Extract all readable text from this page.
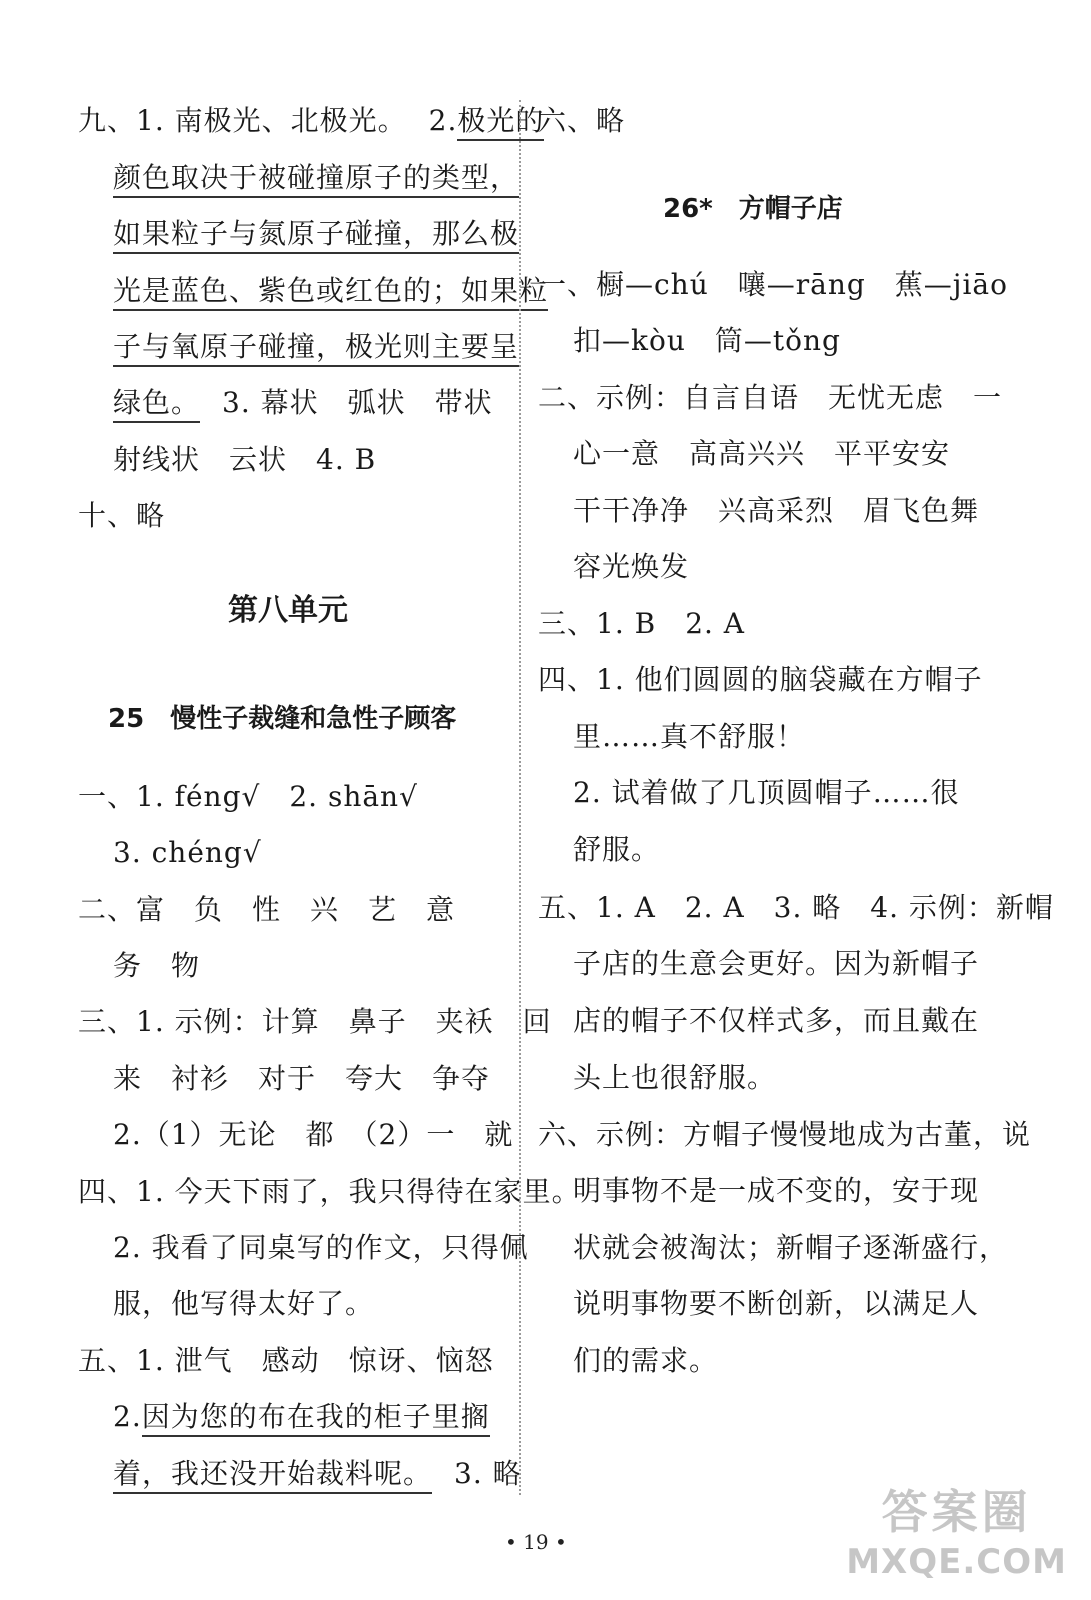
九、1. 南极光、北极光。 2.极光的
颜色取决于被碰撞原子的类型，
如果粒子与氮原子碰撞，那么极
光是蓝色、紫色或红色的；如果粒
子与氧原子碰撞，极光则主要呈
绿色。 3. 幕状　弧状　带状
射线状　云状　4. B
十、略
第八单元
25 慢性子裁缝和急性子顾客
一、1. féng√　2. shān√
3. chéng√
二、富　负　性　兴　艺　意
务　物
三、1. 示例：计算　鼻子　夹袄　回
来　衬衫　对于　夸大　争夺
2.（1）无论　都　（2）一　就
四、1. 今天下雨了，我只得待在家里。
2. 我看了同桌写的作文，只得佩
服，他写得太好了。
五、1. 泄气　感动　惊讶、恼怒
2.因为您的布在我的柜子里搁
着，我还没开始裁料呢。 3. 略
六、略
26* 方帽子店
一、橱—chú　嚷—rāng　蕉—jiāo
扣—kòu　筒—tǒng
二、示例：自言自语　无忧无虑　一
心一意　高高兴兴　平平安安
干干净净　兴高采烈　眉飞色舞
容光焕发
三、1. B　2. A
四、1. 他们圆圆的脑袋藏在方帽子
里……真不舒服！
2. 试着做了几顶圆帽子……很
舒服。
五、1. A　2. A　3. 略　4. 示例：新帽
子店的生意会更好。因为新帽子
店的帽子不仅样式多，而且戴在
头上也很舒服。
六、示例：方帽子慢慢地成为古董，说
明事物不是一成不变的，安于现
状就会被淘汰；新帽子逐渐盛行，
说明事物要不断创新，以满足人
们的需求。
• 19 •
答案圈
MXQE.COM
